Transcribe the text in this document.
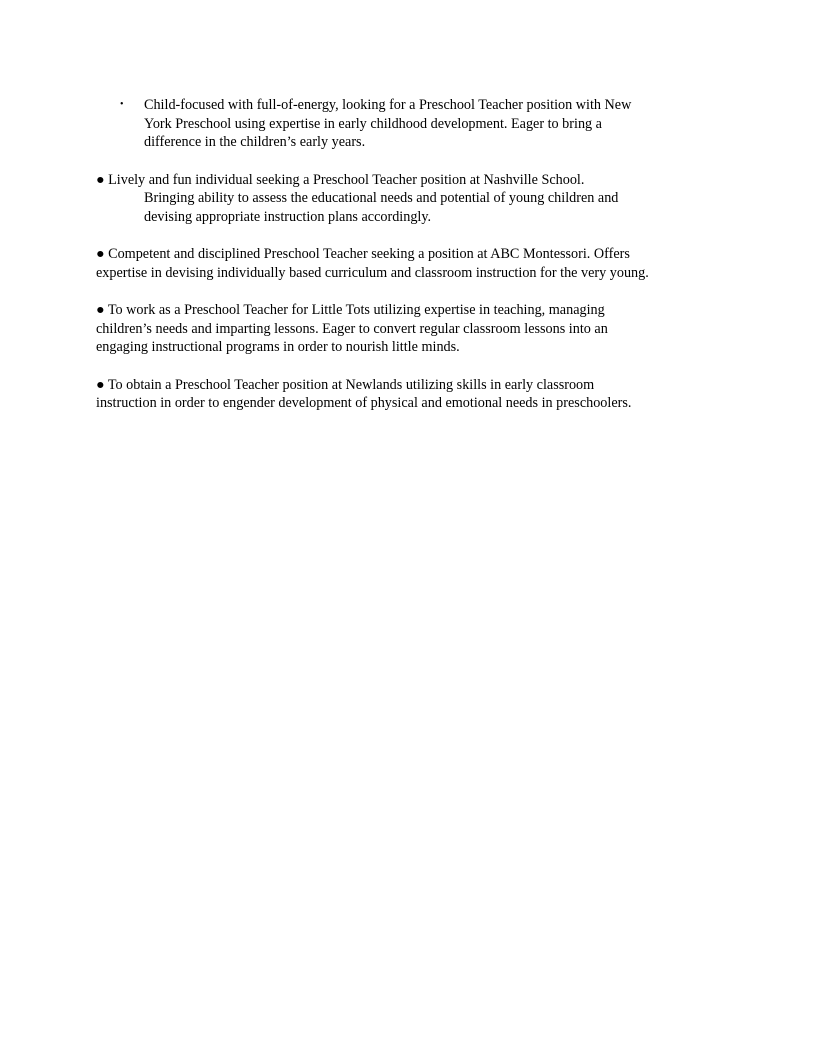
• Child-focused with full-of-energy, looking for a Preschool Teacher position with New
York Preschool using expertise in early childhood development. Eager to bring a
difference in the children’s early years.
● Lively and fun individual seeking a Preschool Teacher position at Nashville School.
Bringing ability to assess the educational needs and potential of young children and
devising appropriate instruction plans accordingly.
● Competent and disciplined Preschool Teacher seeking a position at ABC Montessori. Offers
expertise in devising individually based curriculum and classroom instruction for the very young.
● To work as a Preschool Teacher for Little Tots utilizing expertise in teaching, managing
children’s needs and imparting lessons. Eager to convert regular classroom lessons into an
engaging instructional programs in order to nourish little minds.
● To obtain a Preschool Teacher position at Newlands utilizing skills in early classroom
instruction in order to engender development of physical and emotional needs in preschoolers.
